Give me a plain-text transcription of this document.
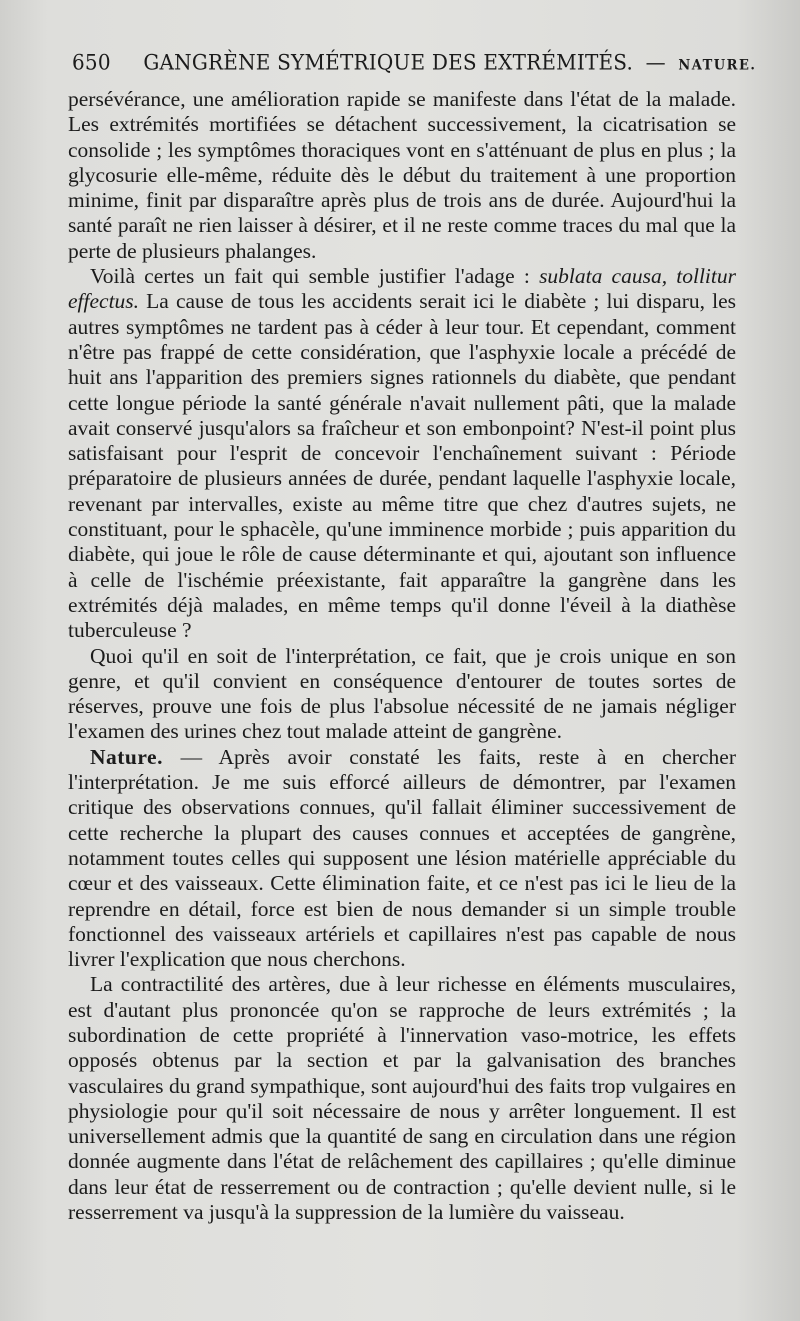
650 GANGRÈNE SYMÉTRIQUE DES EXTRÉMITÉS. — NATURE.

persévérance, une amélioration rapide se manifeste dans l'état de la malade. Les extrémités mortifiées se détachent successivement, la cicatrisation se consolide ; les symptômes thoraciques vont en s'atténuant de plus en plus ; la glycosurie elle-même, réduite dès le début du traitement à une proportion minime, finit par disparaître après plus de trois ans de durée. Aujourd'hui la santé paraît ne rien laisser à désirer, et il ne reste comme traces du mal que la perte de plusieurs phalanges.

Voilà certes un fait qui semble justifier l'adage : sublata causa, tollitur effectus. La cause de tous les accidents serait ici le diabète ; lui disparu, les autres symptômes ne tardent pas à céder à leur tour. Et cependant, comment n'être pas frappé de cette considération, que l'asphyxie locale a précédé de huit ans l'apparition des premiers signes rationnels du diabète, que pendant cette longue période la santé générale n'avait nullement pâti, que la malade avait conservé jusqu'alors sa fraîcheur et son embonpoint? N'est-il point plus satisfaisant pour l'esprit de concevoir l'enchaînement suivant : Période préparatoire de plusieurs années de durée, pendant laquelle l'asphyxie locale, revenant par intervalles, existe au même titre que chez d'autres sujets, ne constituant, pour le sphacèle, qu'une imminence morbide ; puis apparition du diabète, qui joue le rôle de cause déterminante et qui, ajoutant son influence à celle de l'ischémie préexistante, fait apparaître la gangrène dans les extrémités déjà malades, en même temps qu'il donne l'éveil à la diathèse tuberculeuse ?

Quoi qu'il en soit de l'interprétation, ce fait, que je crois unique en son genre, et qu'il convient en conséquence d'entourer de toutes sortes de réserves, prouve une fois de plus l'absolue nécessité de ne jamais négliger l'examen des urines chez tout malade atteint de gangrène.

Nature. — Après avoir constaté les faits, reste à en chercher l'interprétation. Je me suis efforcé ailleurs de démontrer, par l'examen critique des observations connues, qu'il fallait éliminer successivement de cette recherche la plupart des causes connues et acceptées de gangrène, notamment toutes celles qui supposent une lésion matérielle appréciable du cœur et des vaisseaux. Cette élimination faite, et ce n'est pas ici le lieu de la reprendre en détail, force est bien de nous demander si un simple trouble fonctionnel des vaisseaux artériels et capillaires n'est pas capable de nous livrer l'explication que nous cherchons.

La contractilité des artères, due à leur richesse en éléments musculaires, est d'autant plus prononcée qu'on se rapproche de leurs extrémités ; la subordination de cette propriété à l'innervation vaso-motrice, les effets opposés obtenus par la section et par la galvanisation des branches vasculaires du grand sympathique, sont aujourd'hui des faits trop vulgaires en physiologie pour qu'il soit nécessaire de nous y arrêter longuement. Il est universellement admis que la quantité de sang en circulation dans une région donnée augmente dans l'état de relâchement des capillaires ; qu'elle diminue dans leur état de resserrement ou de contraction ; qu'elle devient nulle, si le resserrement va jusqu'à la suppression de la lumière du vaisseau.
